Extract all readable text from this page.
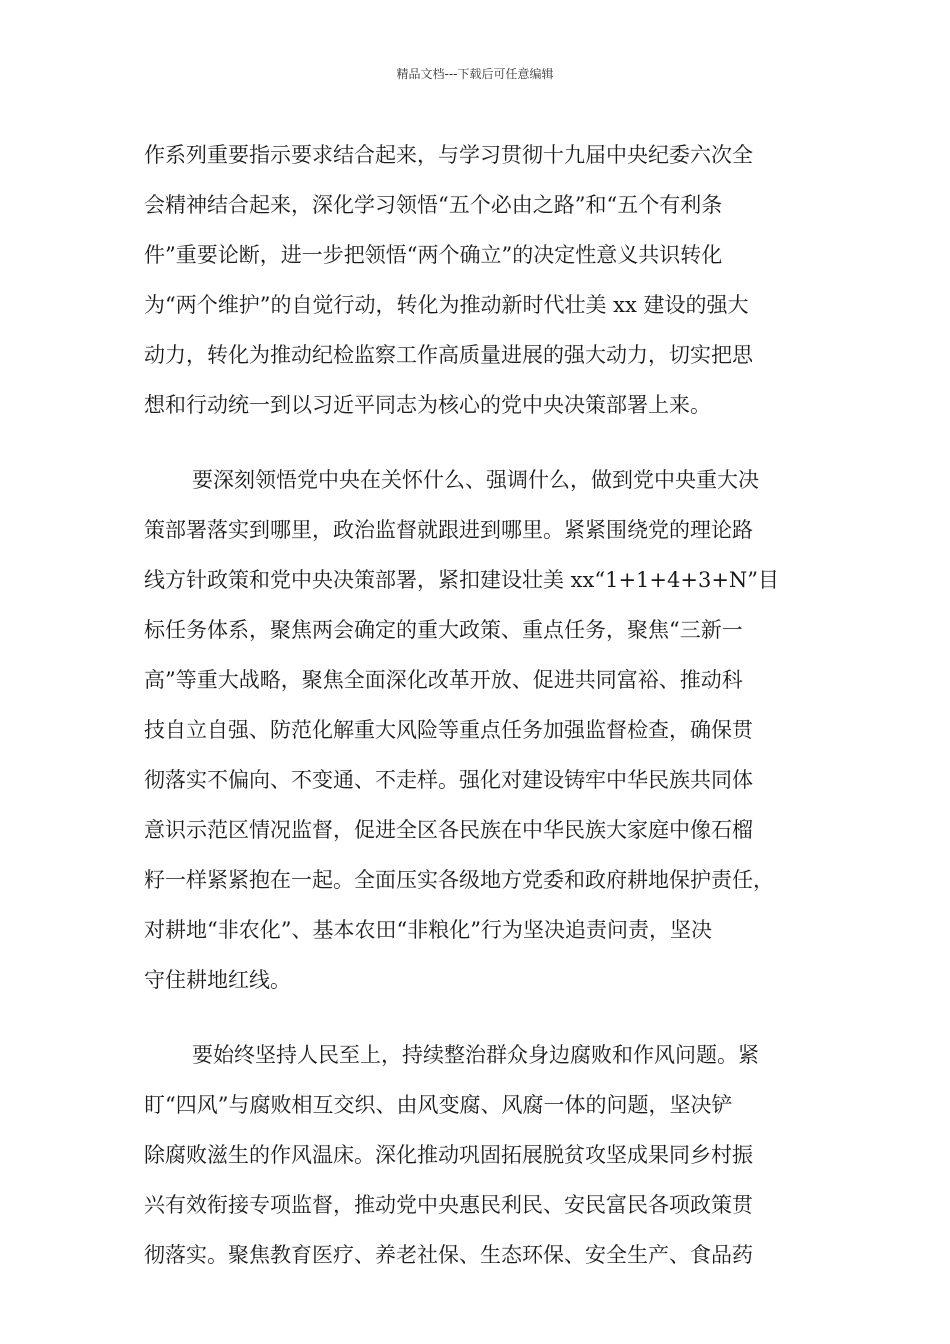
精品文档---下载后可任意编辑
作系列重要指示要求结合起来，与学习贯彻十九届中央纪委六次全
会精神结合起来，深化学习领悟“五个必由之路”和“五个有利条
件”重要论断，进一步把领悟“两个确立”的决定性意义共识转化
为“两个维护”的自觉行动，转化为推动新时代壮美 xx 建设的强大
动力，转化为推动纪检监察工作高质量进展的强大动力，切实把思
想和行动统一到以习近平同志为核心的党中央决策部署上来。
要深刻领悟党中央在关怀什么、强调什么，做到党中央重大决
策部署落实到哪里，政治监督就跟进到哪里。紧紧围绕党的理论路
线方针政策和党中央决策部署，紧扣建设壮美 xx“1+1+4+3+N”目
标任务体系，聚焦两会确定的重大政策、重点任务，聚焦“三新一
高”等重大战略，聚焦全面深化改革开放、促进共同富裕、推动科
技自立自强、防范化解重大风险等重点任务加强监督检查，确保贯
彻落实不偏向、不变通、不走样。强化对建设铸牢中华民族共同体
意识示范区情况监督，促进全区各民族在中华民族大家庭中像石榴
籽一样紧紧抱在一起。全面压实各级地方党委和政府耕地保护责任，
对耕地“非农化”、基本农田“非粮化”行为坚决追责问责，坚决
守住耕地红线。
要始终坚持人民至上，持续整治群众身边腐败和作风问题。紧
盯“四风”与腐败相互交织、由风变腐、风腐一体的问题，坚决铲
除腐败滋生的作风温床。深化推动巩固拓展脱贫攻坚成果同乡村振
兴有效衔接专项监督，推动党中央惠民利民、安民富民各项政策贯
彻落实。聚焦教育医疗、养老社保、生态环保、安全生产、食品药
